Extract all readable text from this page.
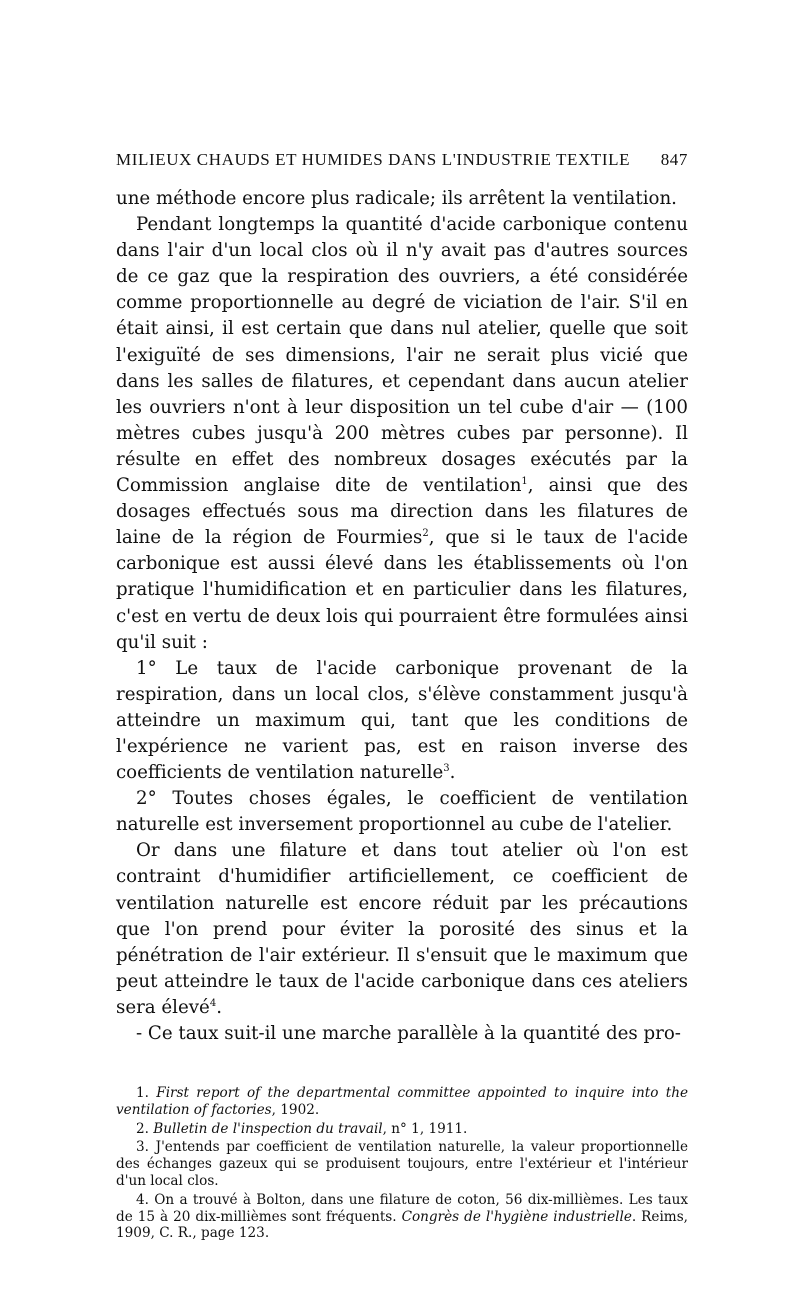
MILIEUX CHAUDS ET HUMIDES DANS L'INDUSTRIE TEXTILE 847

une méthode encore plus radicale; ils arrêtent la ventilation.

Pendant longtemps la quantité d'acide carbonique contenu dans l'air d'un local clos où il n'y avait pas d'autres sources de ce gaz que la respiration des ouvriers, a été considérée comme proportionnelle au degré de viciation de l'air. S'il en était ainsi, il est certain que dans nul atelier, quelle que soit l'exiguïté de ses dimensions, l'air ne serait plus vicié que dans les salles de filatures, et cependant dans aucun atelier les ouvriers n'ont à leur disposition un tel cube d'air — (100 mètres cubes jusqu'à 200 mètres cubes par personne). Il résulte en effet des nombreux dosages exécutés par la Commission anglaise dite de ventilation$^1$, ainsi que des dosages effectués sous ma direction dans les filatures de laine de la région de Fourmies$^2$, que si le taux de l'acide carbonique est aussi élevé dans les établissements où l'on pratique l'humidification et en particulier dans les filatures, c'est en vertu de deux lois qui pourraient être formulées ainsi qu'il suit :

1° Le taux de l'acide carbonique provenant de la respiration, dans un local clos, s'élève constamment jusqu'à atteindre un maximum qui, tant que les conditions de l'expérience ne varient pas, est en raison inverse des coefficients de ventilation naturelle$^3$.

2° Toutes choses égales, le coefficient de ventilation naturelle est inversement proportionnel au cube de l'atelier.

Or dans une filature et dans tout atelier où l'on est contraint d'humidifier artificiellement, ce coefficient de ventilation naturelle est encore réduit par les précautions que l'on prend pour éviter la porosité des sinus et la pénétration de l'air extérieur. Il s'ensuit que le maximum que peut atteindre le taux de l'acide carbonique dans ces ateliers sera élevé$^4$.

- Ce taux suit-il une marche parallèle à la quantité des pro-

1. First report of the departmental committee appointed to inquire into the ventilation of factories, 1902.

2. Bulletin de l'inspection du travail, n° 1, 1911.

3. J'entends par coefficient de ventilation naturelle, la valeur proportionnelle des échanges gazeux qui se produisent toujours, entre l'extérieur et l'intérieur d'un local clos.

4. On a trouvé à Bolton, dans une filature de coton, 56 dix-millièmes. Les taux de 15 à 20 dix-millièmes sont fréquents. Congrès de l'hygiène industrielle. Reims, 1909, C. R., page 123.
